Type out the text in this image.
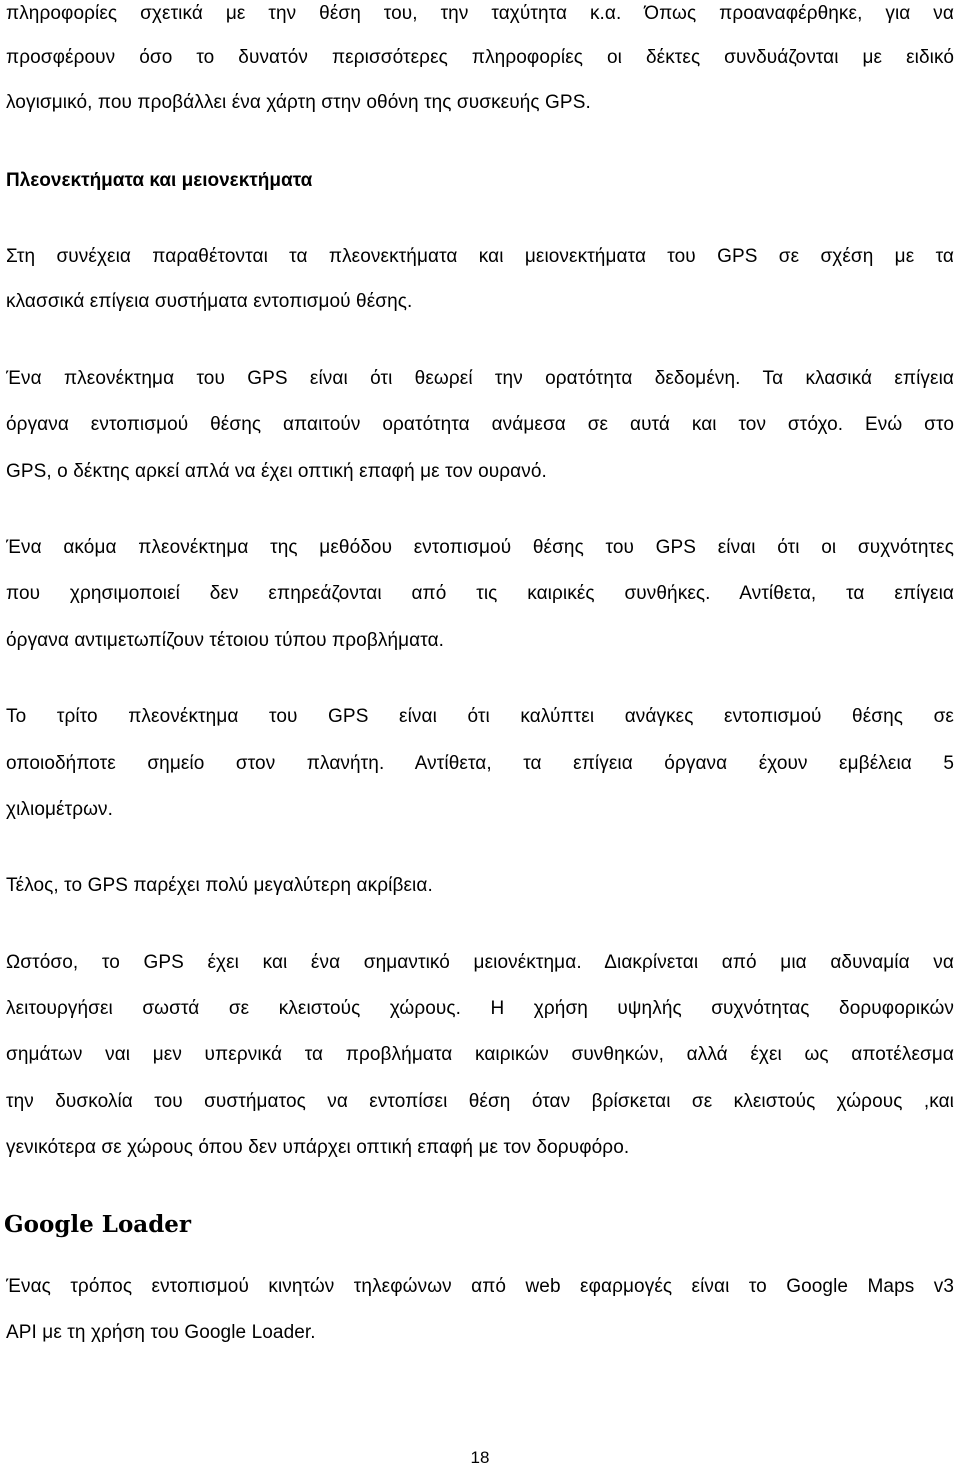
πληροφορίες σχετικά με την θέση του, την ταχύτητα κ.α. Όπως προαναφέρθηκε, για να
προσφέρουν όσο το δυνατόν περισσότερες πληροφορίες οι δέκτες συνδυάζονται με ειδικό
λογισμικό, που προβάλλει ένα χάρτη στην οθόνη της συσκευής GPS.
Πλεονεκτήματα και μειονεκτήματα
Στη συνέχεια παραθέτονται τα πλεονεκτήματα και μειονεκτήματα του GPS σε σχέση με τα
κλασσικά επίγεια συστήματα εντοπισμού θέσης.
Ένα πλεονέκτημα του GPS είναι ότι θεωρεί την ορατότητα δεδομένη. Τα κλασικά επίγεια
όργανα εντοπισμού θέσης απαιτούν ορατότητα ανάμεσα σε αυτά και τον στόχο. Ενώ στο
GPS, ο δέκτης αρκεί απλά να έχει οπτική επαφή με τον ουρανό.
Ένα ακόμα πλεονέκτημα της μεθόδου εντοπισμού θέσης του GPS είναι ότι οι συχνότητες
που χρησιμοποιεί δεν επηρεάζονται από τις καιρικές συνθήκες. Αντίθετα, τα επίγεια
όργανα αντιμετωπίζουν τέτοιου τύπου προβλήματα.
Το τρίτο πλεονέκτημα του GPS είναι ότι καλύπτει ανάγκες εντοπισμού θέσης σε
οποιοδήποτε σημείο στον πλανήτη. Αντίθετα, τα επίγεια όργανα έχουν εμβέλεια 5
χιλιομέτρων.
Τέλος, το GPS παρέχει πολύ μεγαλύτερη ακρίβεια.
Ωστόσο, το GPS έχει και ένα σημαντικό μειονέκτημα. Διακρίνεται από μια αδυναμία να
λειτουργήσει σωστά σε κλειστούς χώρους. Η χρήση υψηλής συχνότητας δορυφορικών
σημάτων ναι μεν υπερνικά τα προβλήματα καιρικών συνθηκών, αλλά έχει ως αποτέλεσμα
την δυσκολία του συστήματος να εντοπίσει θέση όταν βρίσκεται σε κλειστούς χώρους ,και
γενικότερα σε χώρους όπου δεν υπάρχει οπτική επαφή με τον δορυφόρο.
Google Loader
Ένας τρόπος εντοπισμού κινητών τηλεφώνων από web εφαρμογές είναι το Google Maps v3
API με τη χρήση του Google Loader.
18
